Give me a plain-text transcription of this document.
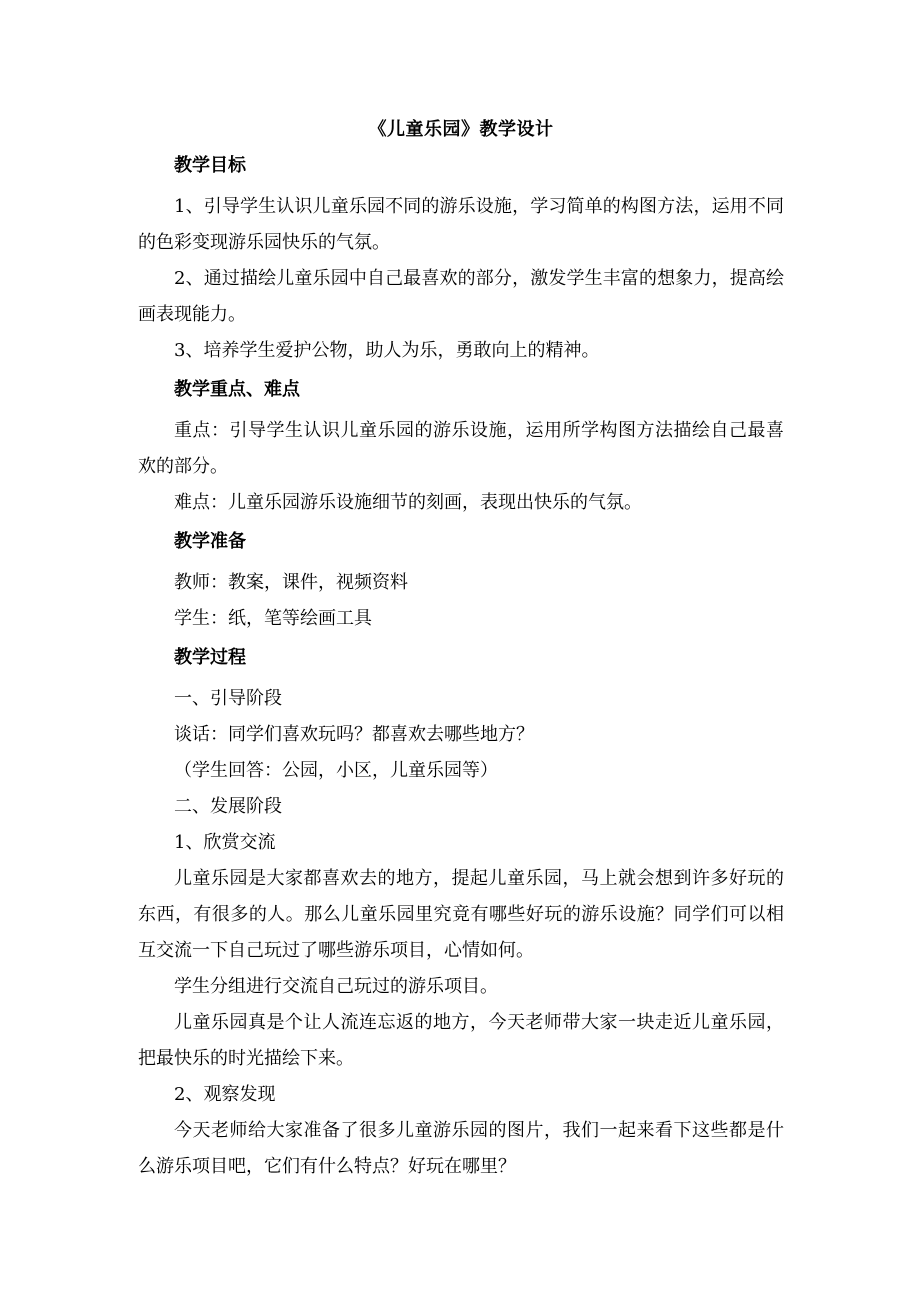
《儿童乐园》教学设计
教学目标

1、引导学生认识儿童乐园不同的游乐设施，学习简单的构图方法，运用不同的色彩变现游乐园快乐的气氛。

2、通过描绘儿童乐园中自己最喜欢的部分，激发学生丰富的想象力，提高绘画表现能力。

3、培养学生爱护公物，助人为乐，勇敢向上的精神。

教学重点、难点

重点：引导学生认识儿童乐园的游乐设施，运用所学构图方法描绘自己最喜欢的部分。

难点：儿童乐园游乐设施细节的刻画，表现出快乐的气氛。

教学准备

教师：教案，课件，视频资料

学生：纸，笔等绘画工具

教学过程

一、引导阶段

谈话：同学们喜欢玩吗？都喜欢去哪些地方？

（学生回答：公园，小区，儿童乐园等）

二、发展阶段

1、欣赏交流

儿童乐园是大家都喜欢去的地方，提起儿童乐园，马上就会想到许多好玩的东西，有很多的人。那么儿童乐园里究竟有哪些好玩的游乐设施？同学们可以相互交流一下自己玩过了哪些游乐项目，心情如何。

学生分组进行交流自己玩过的游乐项目。

儿童乐园真是个让人流连忘返的地方，今天老师带大家一块走近儿童乐园，把最快乐的时光描绘下来。

2、观察发现

今天老师给大家准备了很多儿童游乐园的图片，我们一起来看下这些都是什么游乐项目吧，它们有什么特点？好玩在哪里？
